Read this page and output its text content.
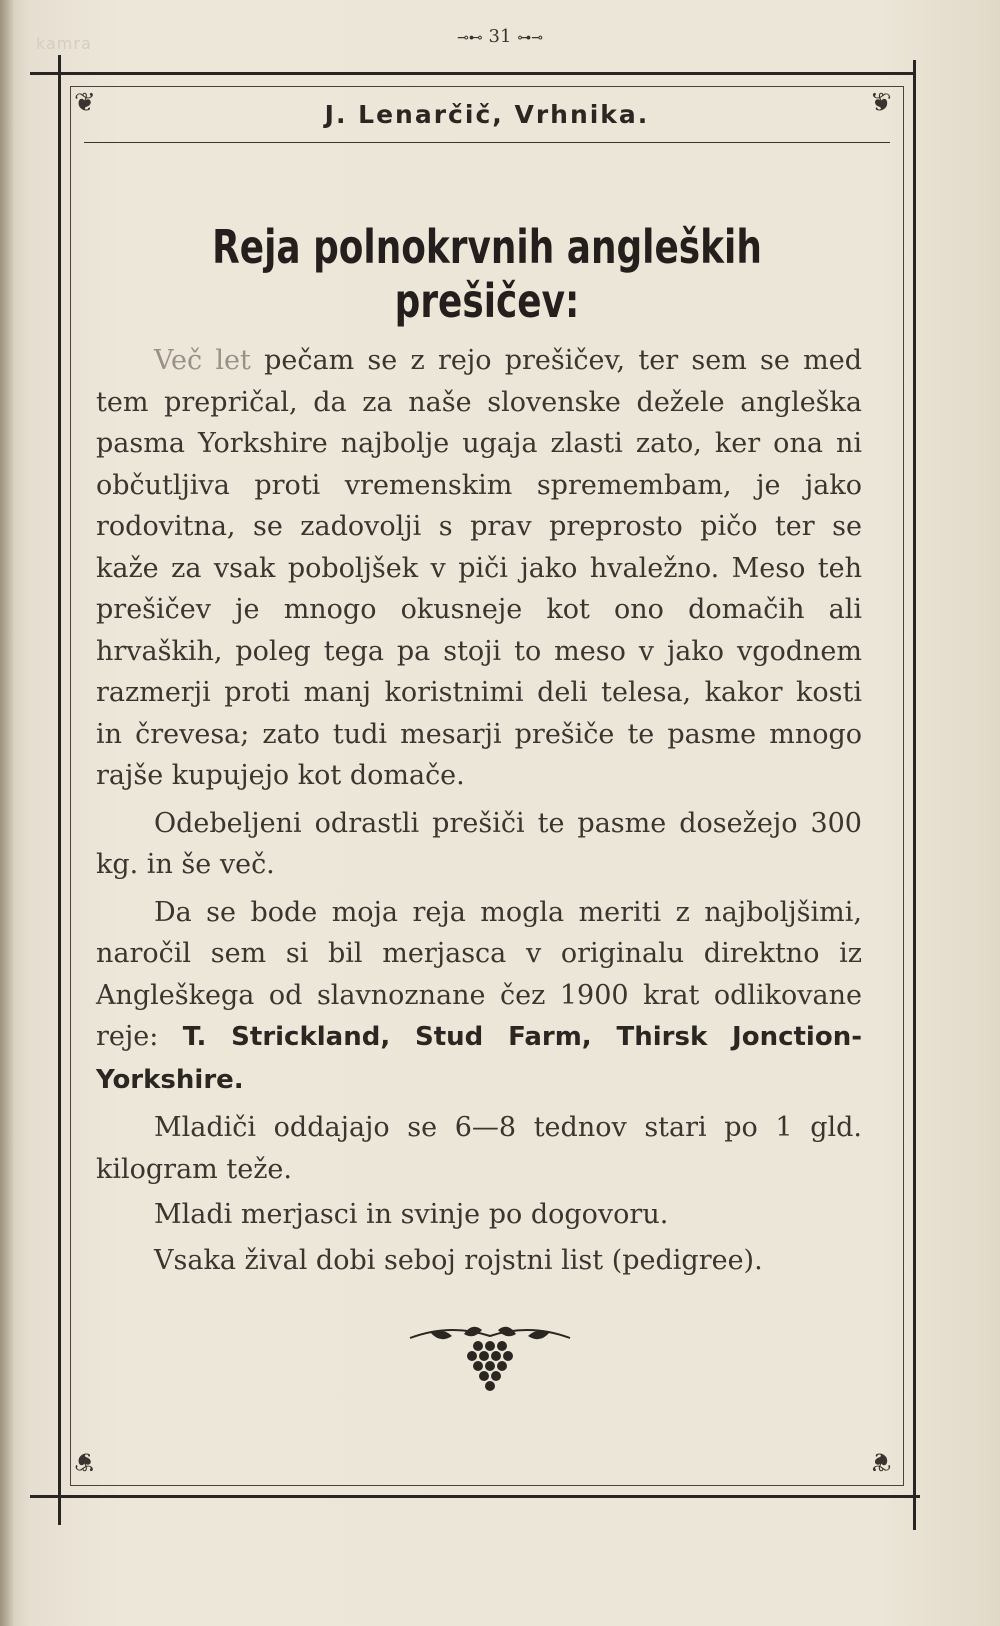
kamra	⊸⊷ 31 ⊶⊸
❦	❦
❦	❦
J. Lenarčič, Vrhnika.
Reja polnokrvnih angleških prešičev:

Več let pečam se z rejo prešičev, ter sem se med tem prepričal, da za naše slovenske dežele angleška pasma Yorkshire najbolje ugaja zlasti zato, ker ona ni občutljiva proti vremenskim spremembam, je jako rodovitna, se zadovolji s prav preprosto pičo ter se kaže za vsak poboljšek v piči jako hvaležno. Meso teh prešičev je mnogo okusneje kot ono domačih ali hrvaških, poleg tega pa stoji to meso v jako vgodnem razmerji proti manj koristnimi deli telesa, kakor kosti in črevesa; zato tudi mesarji prešiče te pasme mnogo rajše kupujejo kot domače.

Odebeljeni odrastli prešiči te pasme dosežejo 300 kg. in še več.

Da se bode moja reja mogla meriti z najboljšimi, naročil sem si bil merjasca v originalu direktno iz Angleškega od slavnoznane čez 1900 krat odlikovane reje: T. Strickland, Stud Farm, Thirsk Jonction-Yorkshire.

Mladiči oddajajo se 6—8 tednov stari po 1 gld. kilogram teže.

Mladi merjasci in svinje po dogovoru.

Vsaka žival dobi seboj rojstni list (pedigree).
